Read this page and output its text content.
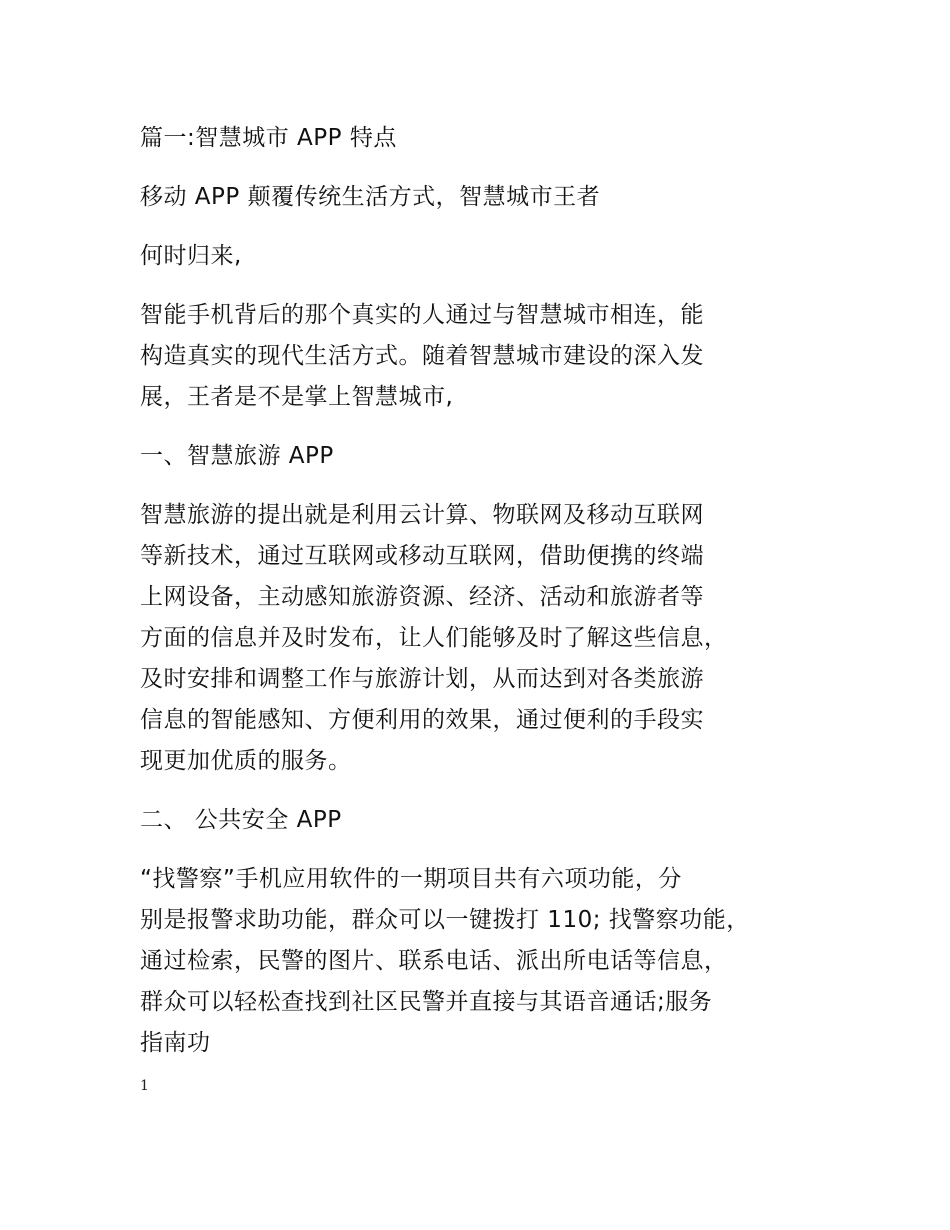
篇一:智慧城市 APP 特点

移动 APP 颠覆传统生活方式，智慧城市王者

何时归来,

智能手机背后的那个真实的人通过与智慧城市相连，能
构造真实的现代生活方式。随着智慧城市建设的深入发
展，王者是不是掌上智慧城市,

一、智慧旅游 APP

智慧旅游的提出就是利用云计算、物联网及移动互联网
等新技术，通过互联网或移动互联网，借助便携的终端
上网设备，主动感知旅游资源、经济、活动和旅游者等
方面的信息并及时发布，让人们能够及时了解这些信息，
及时安排和调整工作与旅游计划，从而达到对各类旅游
信息的智能感知、方便利用的效果，通过便利的手段实
现更加优质的服务。

二、 公共安全 APP

“找警察”手机应用软件的一期项目共有六项功能，分
别是报警求助功能，群众可以一键拨打 110; 找警察功能，
通过检索，民警的图片、联系电话、派出所电话等信息，
群众可以轻松查找到社区民警并直接与其语音通话;服务
指南功

1
